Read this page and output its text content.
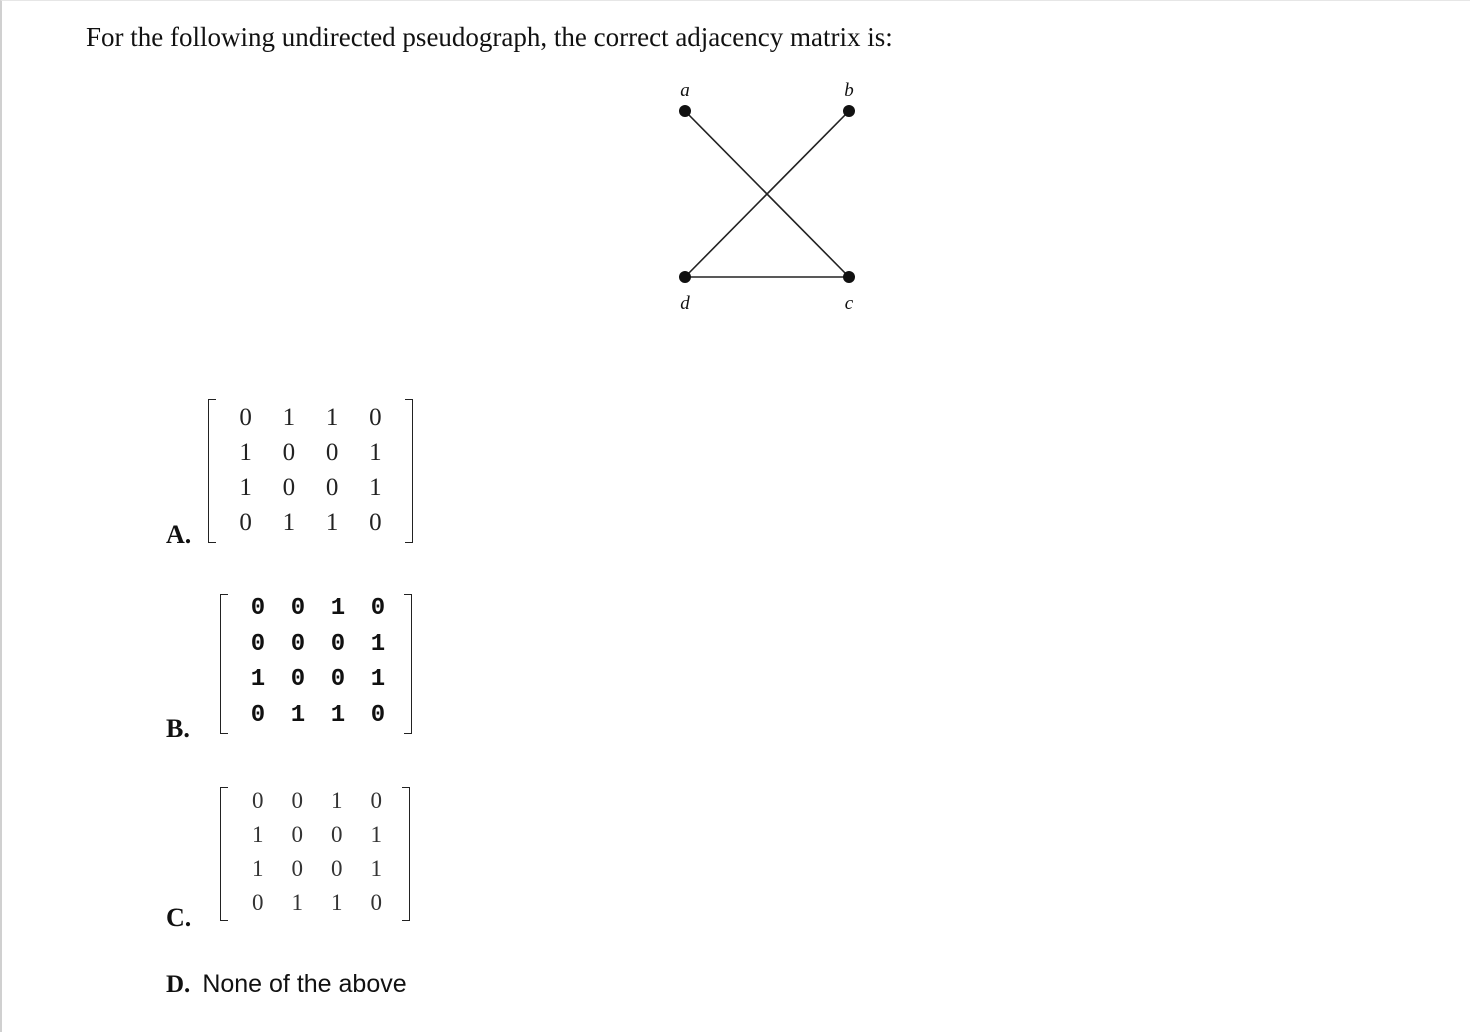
For the following undirected pseudograph, the correct adjacency matrix is:
a	b
c
d
A.
0	1	1	0
1	0	0	1
1	0	0	1
0	1	1	0
B.
0	0	1	0
0	0	0	1
1	0	0	1
0	1	1	0
C.
0	0	1	0
1	0	0	1
1	0	0	1
0	1	1	0
D. None of the above
